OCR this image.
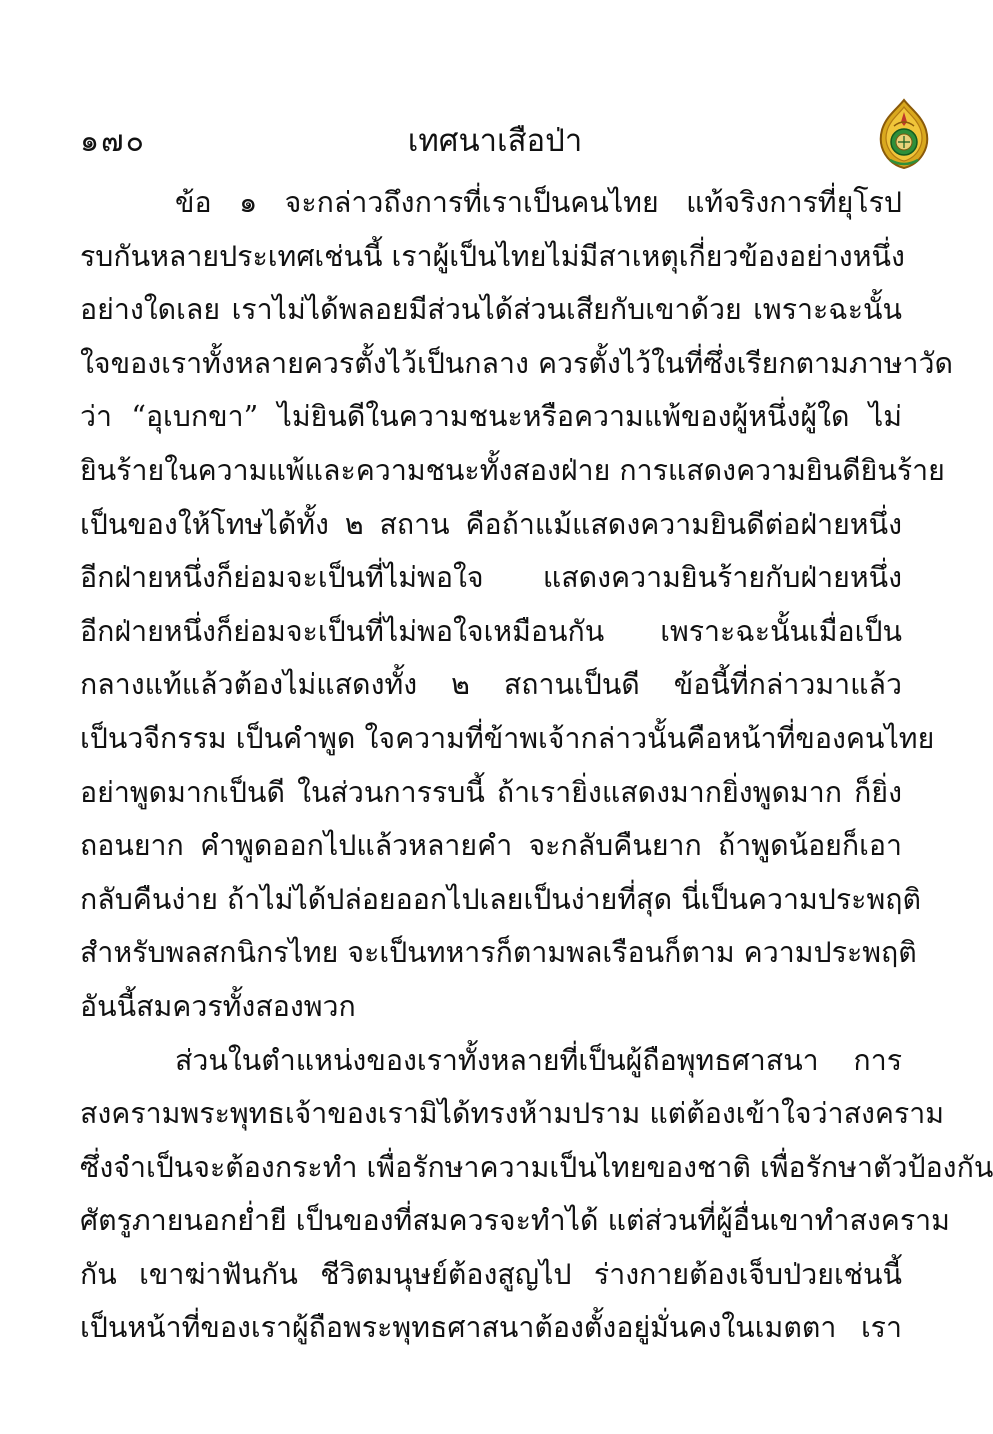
๑๗๐	เทศนาเสือป่า
ข้อ ๑ จะกล่าวถึงการที่เราเป็นคนไทย แท้จริงการที่ยุโรป
รบกันหลายประเทศเช่นนี้ เราผู้เป็นไทยไม่มีสาเหตุเกี่ยวข้องอย่างหนึ่ง
อย่างใดเลย เราไม่ได้พลอยมีส่วนได้ส่วนเสียกับเขาด้วย เพราะฉะนั้น
ใจของเราทั้งหลายควรตั้งไว้เป็นกลาง ควรตั้งไว้ในที่ซึ่งเรียกตามภาษาวัด
ว่า “อุเบกขา” ไม่ยินดีในความชนะหรือความแพ้ของผู้หนึ่งผู้ใด ไม่
ยินร้ายในความแพ้และความชนะทั้งสองฝ่าย การแสดงความยินดียินร้าย
เป็นของให้โทษได้ทั้ง ๒ สถาน คือถ้าแม้แสดงความยินดีต่อฝ่ายหนึ่ง
อีกฝ่ายหนึ่งก็ย่อมจะเป็นที่ไม่พอใจ แสดงความยินร้ายกับฝ่ายหนึ่ง
อีกฝ่ายหนึ่งก็ย่อมจะเป็นที่ไม่พอใจเหมือนกัน เพราะฉะนั้นเมื่อเป็น
กลางแท้แล้วต้องไม่แสดงทั้ง ๒ สถานเป็นดี ข้อนี้ที่กล่าวมาแล้ว
เป็นวจีกรรม เป็นคำพูด ใจความที่ข้าพเจ้ากล่าวนั้นคือหน้าที่ของคนไทย
อย่าพูดมากเป็นดี ในส่วนการรบนี้ ถ้าเรายิ่งแสดงมากยิ่งพูดมาก ก็ยิ่ง
ถอนยาก คำพูดออกไปแล้วหลายคำ จะกลับคืนยาก ถ้าพูดน้อยก็เอา
กลับคืนง่าย ถ้าไม่ได้ปล่อยออกไปเลยเป็นง่ายที่สุด นี่เป็นความประพฤติ
สำหรับพลสกนิกรไทย จะเป็นทหารก็ตามพลเรือนก็ตาม ความประพฤติ
อันนี้สมควรทั้งสองพวก
ส่วนในตำแหน่งของเราทั้งหลายที่เป็นผู้ถือพุทธศาสนา การ
สงครามพระพุทธเจ้าของเรามิได้ทรงห้ามปราม แต่ต้องเข้าใจว่าสงคราม
ซึ่งจำเป็นจะต้องกระทำ เพื่อรักษาความเป็นไทยของชาติ เพื่อรักษาตัวป้องกัน
ศัตรูภายนอกย่ำยี เป็นของที่สมควรจะทำได้ แต่ส่วนที่ผู้อื่นเขาทำสงคราม
กัน เขาฆ่าฟันกัน ชีวิตมนุษย์ต้องสูญไป ร่างกายต้องเจ็บป่วยเช่นนี้
เป็นหน้าที่ของเราผู้ถือพระพุทธศาสนาต้องตั้งอยู่มั่นคงในเมตตา เรา
